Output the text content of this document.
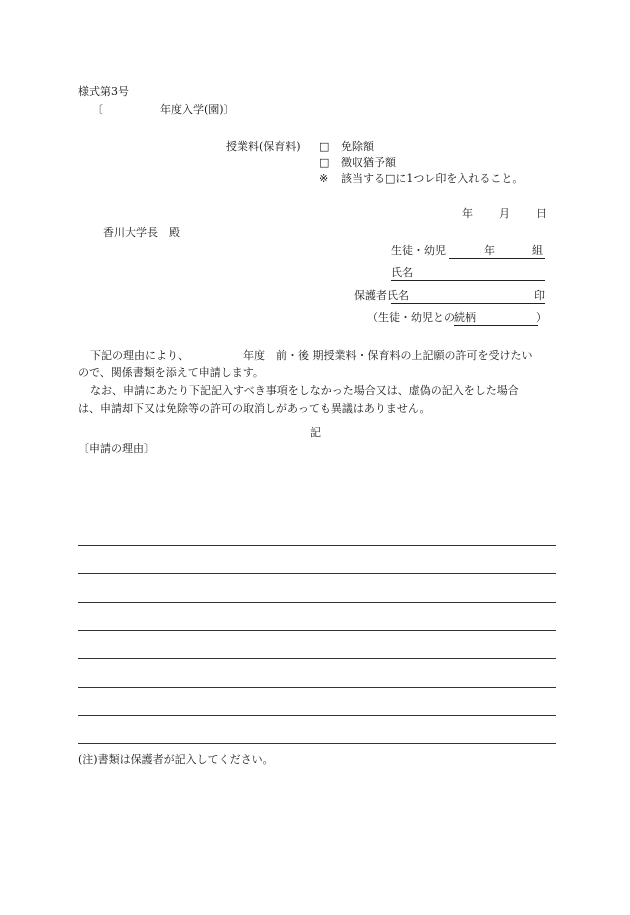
様式第3号
〔	年度入学(園)〕
授業料(保育料) □ 免除額
□ 徴収猶予額
※ 該当する□に1つレ印を入れること。
年 月 日
香川大学長　殿
生徒・幼児	年	組
氏名
保護者氏名	印
（生徒・幼児との 続柄	）
下記の理由により、	年度　前・後 期授業料・保育料の上記願の許可を受けたい
ので、関係書類を添えて申請します。
なお、申請にあたり下記記入すべき事項をしなかった場合又は、虚偽の記入をした場合
は、申請却下又は免除等の許可の取消しがあっても異議はありません。
記
〔申請の理由〕
(注)書類は保護者が記入してください。
